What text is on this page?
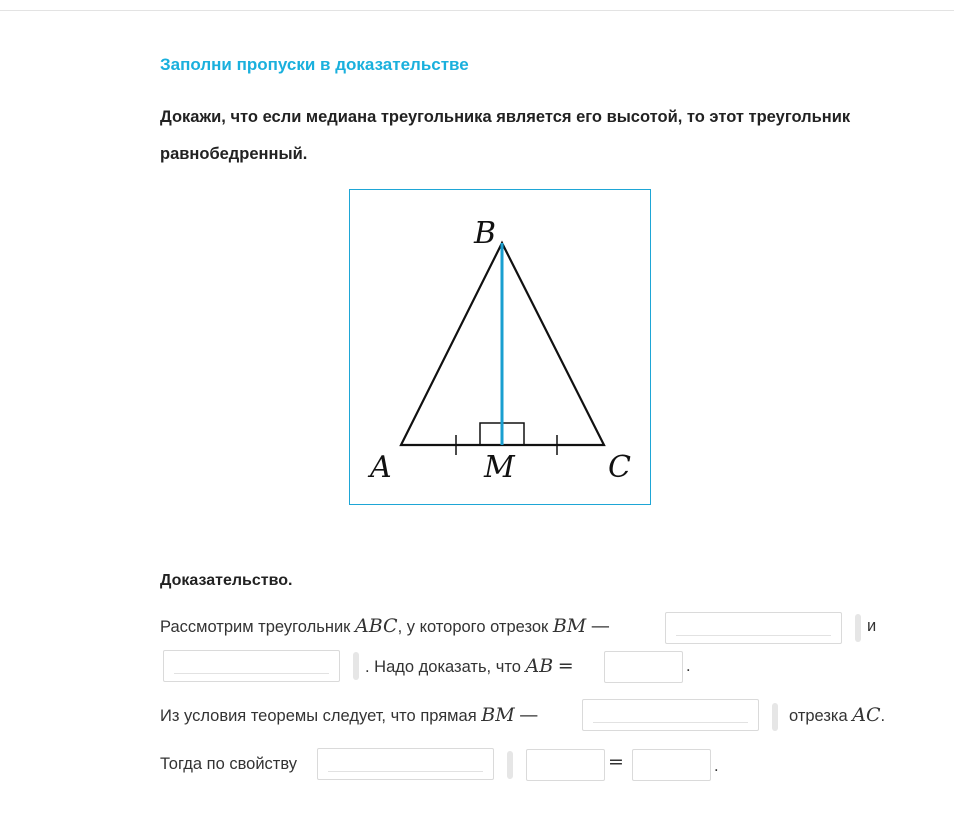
Заполни пропуски в доказательстве
Докажи, что если медиана треугольника является его высотой, то этот треугольник равнобедренный.
B
A	M	C
Доказательство.
Рассмотрим треугольник ABC, у которого отрезок BM —	и
. Надо доказать, что AB =	.
Из условия теоремы следует, что прямая BM —	отрезка AC.
Тогда по свойству	=	.
